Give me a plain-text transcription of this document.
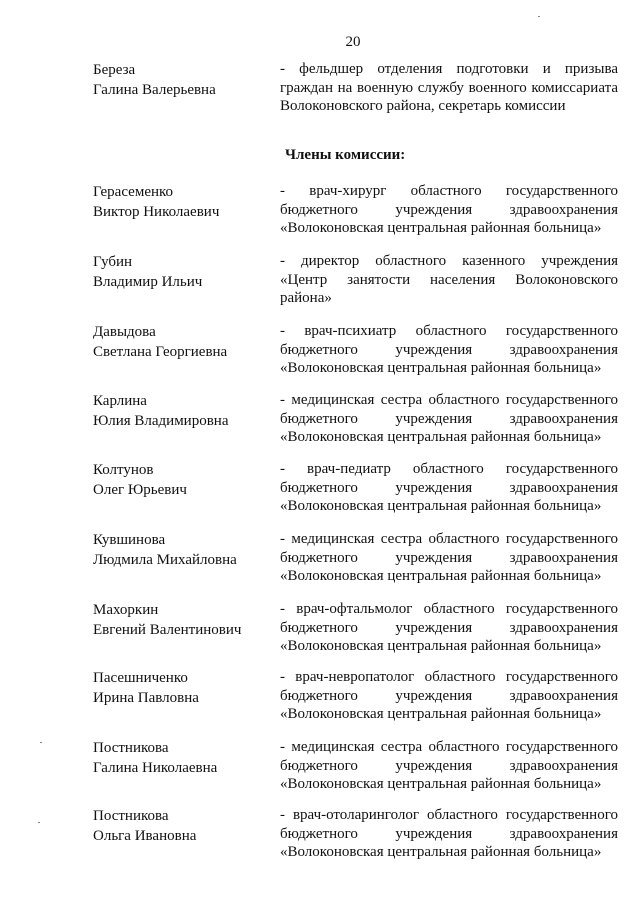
20
Береза
Галина Валерьевна
- фельдшер отделения подготовки и призыва граждан на военную службу военного комиссариата Волоконовского района, секретарь комиссии
Члены комиссии:
Герасеменко
Виктор Николаевич
- врач-хирург областного государственного бюджетного учреждения здравоохранения «Волоконовская центральная районная больница»
Губин
Владимир Ильич
- директор областного казенного учреждения «Центр занятости населения Волоконовского района»
Давыдова
Светлана Георгиевна
- врач-психиатр областного государственного бюджетного учреждения здравоохранения «Волоконовская центральная районная больница»
Карлина
Юлия Владимировна
- медицинская сестра областного государственного бюджетного учреждения здравоохранения «Волоконовская центральная районная больница»
Колтунов
Олег Юрьевич
- врач-педиатр областного государственного бюджетного учреждения здравоохранения «Волоконовская центральная районная больница»
Кувшинова
Людмила Михайловна
- медицинская сестра областного государственного бюджетного учреждения здравоохранения «Волоконовская центральная районная больница»
Махоркин
Евгений Валентинович
- врач-офтальмолог областного государственного бюджетного учреждения здравоохранения «Волоконовская центральная районная больница»
Пасешниченко
Ирина Павловна
- врач-невропатолог областного государственного бюджетного учреждения здравоохранения «Волоконовская центральная районная больница»
Постникова
Галина Николаевна
- медицинская сестра областного государственного бюджетного учреждения здравоохранения «Волоконовская центральная районная больница»
Постникова
Ольга Ивановна
- врач-отоларинголог областного государственного бюджетного учреждения здравоохранения «Волоконовская центральная районная больница»
